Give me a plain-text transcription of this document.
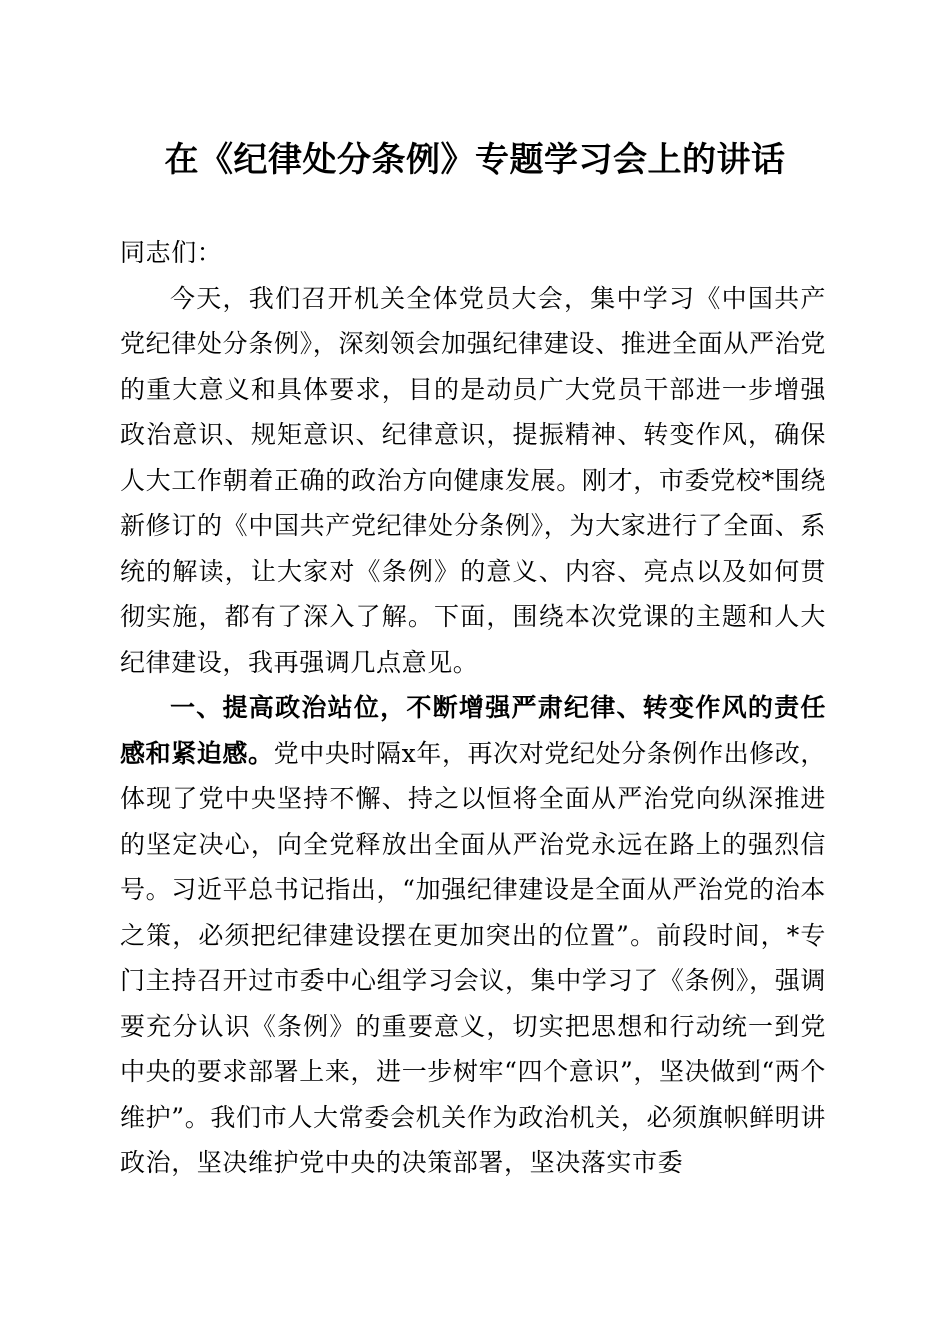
在《纪律处分条例》专题学习会上的讲话

同志们：

今天，我们召开机关全体党员大会，集中学习《中国共产党纪律处分条例》，深刻领会加强纪律建设、推进全面从严治党的重大意义和具体要求，目的是动员广大党员干部进一步增强政治意识、规矩意识、纪律意识，提振精神、转变作风，确保人大工作朝着正确的政治方向健康发展。刚才，市委党校*围绕新修订的《中国共产党纪律处分条例》，为大家进行了全面、系统的解读，让大家对《条例》的意义、内容、亮点以及如何贯彻实施，都有了深入了解。下面，围绕本次党课的主题和人大纪律建设，我再强调几点意见。

一、提高政治站位，不断增强严肃纪律、转变作风的责任感和紧迫感。党中央时隔x年，再次对党纪处分条例作出修改，体现了党中央坚持不懈、持之以恒将全面从严治党向纵深推进的坚定决心，向全党释放出全面从严治党永远在路上的强烈信号。习近平总书记指出，“加强纪律建设是全面从严治党的治本之策，必须把纪律建设摆在更加突出的位置”。前段时间，*专门主持召开过市委中心组学习会议，集中学习了《条例》，强调要充分认识《条例》的重要意义，切实把思想和行动统一到党中央的要求部署上来，进一步树牢“四个意识”，坚决做到“两个维护”。我们市人大常委会机关作为政治机关，必须旗帜鲜明讲政治，坚决维护党中央的决策部署，坚决落实市委
